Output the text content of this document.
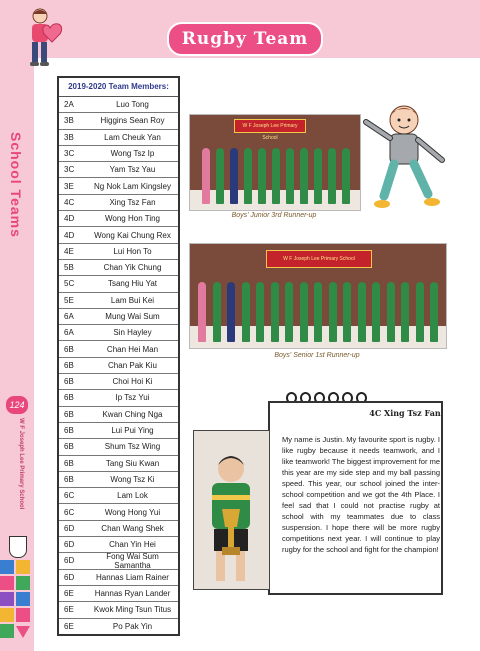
Rugby Team
School Teams
124
W F Joseph Lee Primary School
2019-2020 Team Members:
2A	Luo Tong
3B	Higgins Sean Roy
3B	Lam Cheuk Yan
3C	Wong Tsz Ip
3C	Yam Tsz Yau
3E	Ng Nok Lam Kingsley
4C	Xing Tsz Fan
4D	Wong Hon Ting
4D	Wong Kai Chung Rex
4E	Lui Hon To
5B	Chan Yik Chung
5C	Tsang Hiu Yat
5E	Lam Bui Kei
6A	Mung Wai Sum
6A	Sin Hayley
6B	Chan Hei Man
6B	Chan Pak Kiu
6B	Choi Hoi Ki
6B	Ip Tsz Yui
6B	Kwan Ching Nga
6B	Lui Pui Ying
6B	Shum Tsz Wing
6B	Tang Siu Kwan
6B	Wong Tsz Ki
6C	Lam Lok
6C	Wong Hong Yui
6D	Chan Wang Shek
6D	Chan Yin Hei
6D	Fong Wai Sum Samantha
6D	Hannas Liam Rainer
6E	Hannas Ryan Lander
6E	Kwok Ming Tsun Titus
6E	Po Pak Yin
W F Joseph Lee Primary School
Boys' Junior 3rd Runner-up
W F Joseph Lee Primary School
Boys' Senior 1st Runner-up
4C Xing Tsz Fan
My name is Justin. My favourite sport is rugby. I like rugby because it needs teamwork, and I like teamwork! The biggest improvement for me this year are my side step and my ball passing speed. This year, our school joined the inter-school competition and we got the 4th Place. I feel sad that I could not practise rugby at school with my teammates due to class suspension. I hope there will be more rugby competitions next year. I will continue to play rugby for the school and fight for the champion!
